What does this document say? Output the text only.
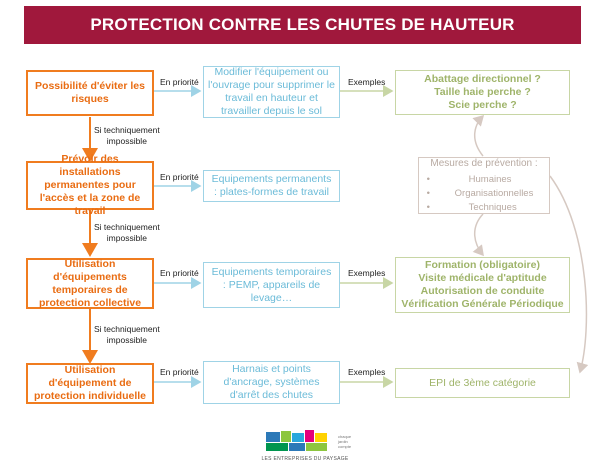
PROTECTION CONTRE LES CHUTES DE HAUTEUR
Possibilité d'éviter les risques
Prévoir des installations permanentes pour l'accès et la zone de travail
Utilisation d'équipements temporaires de protection collective
Utilisation d'équipement de protection individuelle
Modifier l'équipement ou l'ouvrage pour supprimer le travail en hauteur et travailler depuis le sol
Equipements permanents : plates-formes de travail
Equipements temporaires : PEMP, appareils de levage…
Harnais et points d'ancrage, systèmes d'arrêt des chutes
Abattage directionnel ?
Taille haie perche ?
Scie perche ?
Formation (obligatoire)
Visite médicale d'aptitude
Autorisation de conduite
Vérification Générale Périodique
EPI de 3ème catégorie
Mesures de prévention :
• Humaines
• Organisationnelles
• Techniques
En priorité
En priorité
En priorité
En priorité
Exemples
Exemples
Exemples
Si techniquement
impossible
Si techniquement
impossible
Si techniquement
impossible
chaque
jardin
compte
LES ENTREPRISES DU PAYSAGE
